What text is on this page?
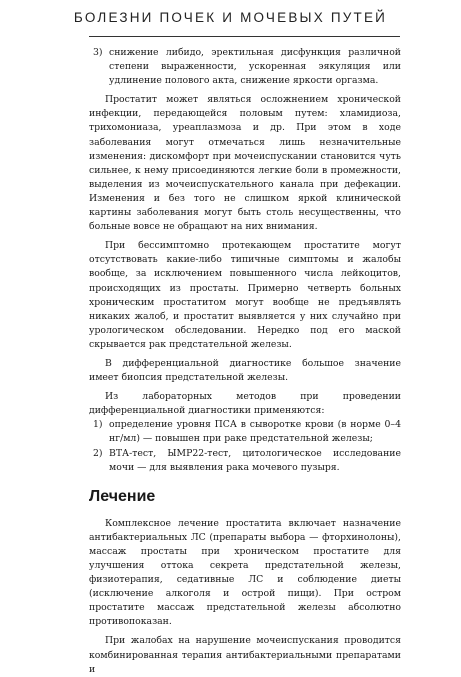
БОЛЕЗНИ ПОЧЕК И МОЧЕВЫХ ПУТЕЙ
3) снижение либидо, эректильная дисфункция различной степени выраженности, ускоренная эякуляция или удлинение полового акта, снижение яркости оргазма.

Простатит может являться осложнением хронической инфекции, передающейся половым путем: хламидиоза, трихомониаза, уреаплазмоза и др. При этом в ходе заболевания могут отмечаться лишь незначительные изменения: дискомфорт при мочеиспускании становится чуть сильнее, к нему присоединяются легкие боли в промежности, выделения из мочеиспускательного канала при дефекации. Изменения и без того не слишком яркой клинической картины заболевания могут быть столь несущественны, что больные вовсе не обращают на них внимания.

При бессимптомно протекающем простатите могут отсутствовать какие-либо типичные симптомы и жалобы вообще, за исключением повышенного числа лейкоцитов, происходящих из простаты. Примерно четверть больных хроническим простатитом могут вообще не предъявлять никаких жалоб, и простатит выявляется у них случайно при урологическом обследовании. Нередко под его маской скрывается рак предстательной железы.

В дифференциальной диагностике большое значение имеет биопсия предстательной железы.

Из лабораторных методов при проведении дифференциальной диагностики применяются:

1) определение уровня ПСА в сыворотке крови (в норме 0–4 нг/мл) — повышен при раке предстательной железы;
2) ВТА-тест, ЫМР22-тест, цитологическое исследование мочи — для выявления рака мочевого пузыря.
Лечение

Комплексное лечение простатита включает назначение антибактериальных ЛС (препараты выбора — фторхинолоны), массаж простаты при хроническом простатите для улучшения оттока секрета предстательной железы, физиотерапия, седативные ЛС и соблюдение диеты (исключение алкоголя и острой пищи). При остром простатите массаж предстательной железы абсолютно противопоказан.

При жалобах на нарушение мочеиспускания проводится комбинированная терапия антибактериальными препаратами и
